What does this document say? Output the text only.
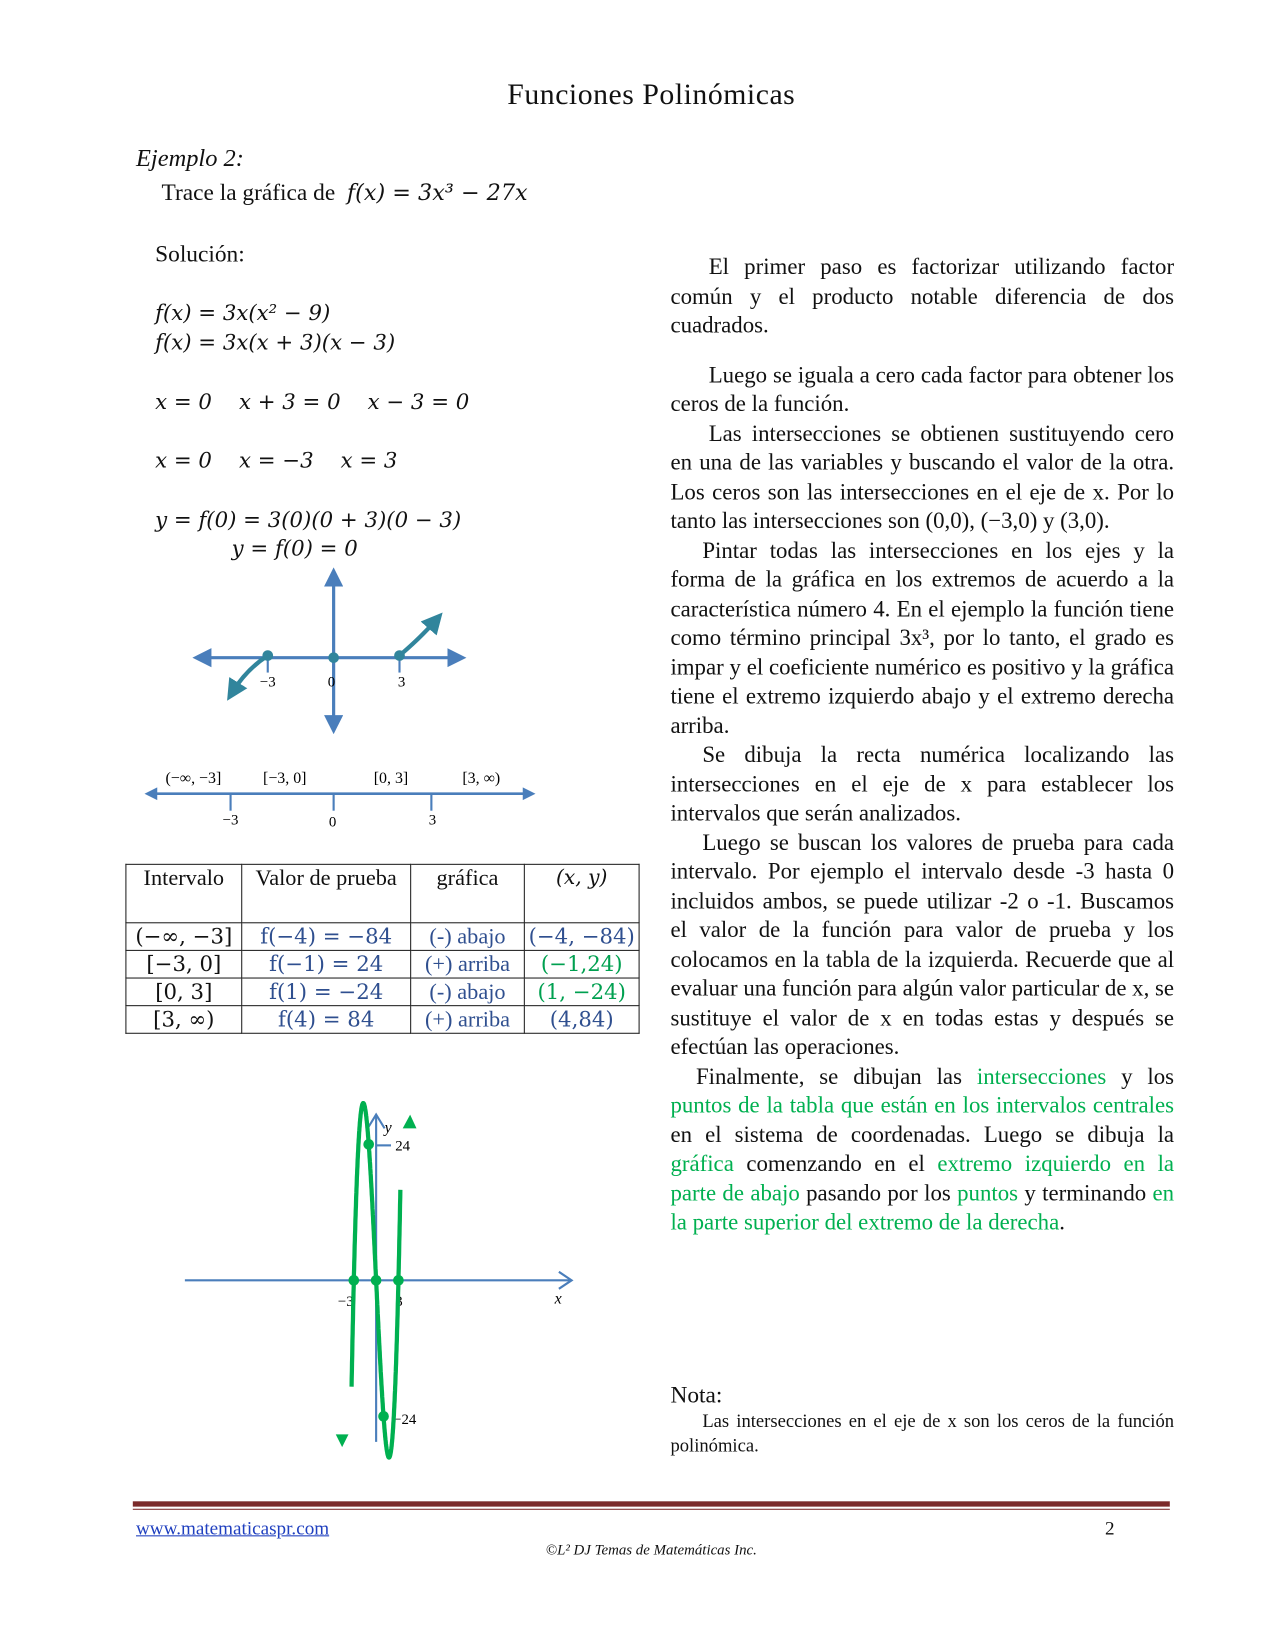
Funciones Polinómicas
Ejemplo 2:
Trace la gráfica de f(x) = 3x³ − 27x
Solución:
f(x) = 3x(x² − 9)
f(x) = 3x(x + 3)(x − 3)
x = 0    x + 3 = 0    x − 3 = 0
x = 0    x = −3    x = 3
y = f(0) = 3(0)(0 + 3)(0 − 3)
y = f(0) = 0
−3	0	3
(−∞, −3]	[−3, 0]	[0, 3]	[3, ∞)
−3	0	3
Intervalo	Valor de prueba	gráfica	(x, y)
(−∞, −3]	f(−4) = −84	(-) abajo	(−4, −84)
[−3, 0]	f(−1) = 24	(+) arriba	(−1,24)
[0, 3]	f(1) = −24	(-) abajo	(1, −24)
[3, ∞)	f(4) = 84	(+) arriba	(4,84)
y
x
−3	3
24
−24

El primer paso es factorizar utilizando factor común y el producto notable diferencia de dos cuadrados.

Luego se iguala a cero cada factor para obtener los ceros de la función.

Las intersecciones se obtienen sustituyendo cero en una de las variables y buscando el valor de la otra. Los ceros son las intersecciones en el eje de x. Por lo tanto las intersecciones son (0,0), (−3,0) y (3,0).

Pintar todas las intersecciones en los ejes y la forma de la gráfica en los extremos de acuerdo a la característica número 4. En el ejemplo la función tiene como término principal 3x³, por lo tanto, el grado es impar y el coeficiente numérico es positivo y la gráfica tiene el extremo izquierdo abajo y el extremo derecha arriba.

Se dibuja la recta numérica localizando las intersecciones en el eje de x para establecer los intervalos que serán analizados.

Luego se buscan los valores de prueba para cada intervalo. Por ejemplo el intervalo desde -3 hasta 0 incluidos ambos, se puede utilizar -2 o -1. Buscamos el valor de la función para valor de prueba y los colocamos en la tabla de la izquierda. Recuerde que al evaluar una función para algún valor particular de x, se sustituye el valor de x en todas estas y después se efectúan las operaciones.

Finalmente, se dibujan las intersecciones y los puntos de la tabla que están en los intervalos centrales en el sistema de coordenadas. Luego se dibuja la gráfica comenzando en el extremo izquierdo en la parte de abajo pasando por los puntos y terminando en la parte superior del extremo de la derecha.

Nota:
Las intersecciones en el eje de x son los ceros de la función polinómica.
www.matematicaspr.com	2
©L² DJ Temas de Matemáticas Inc.
